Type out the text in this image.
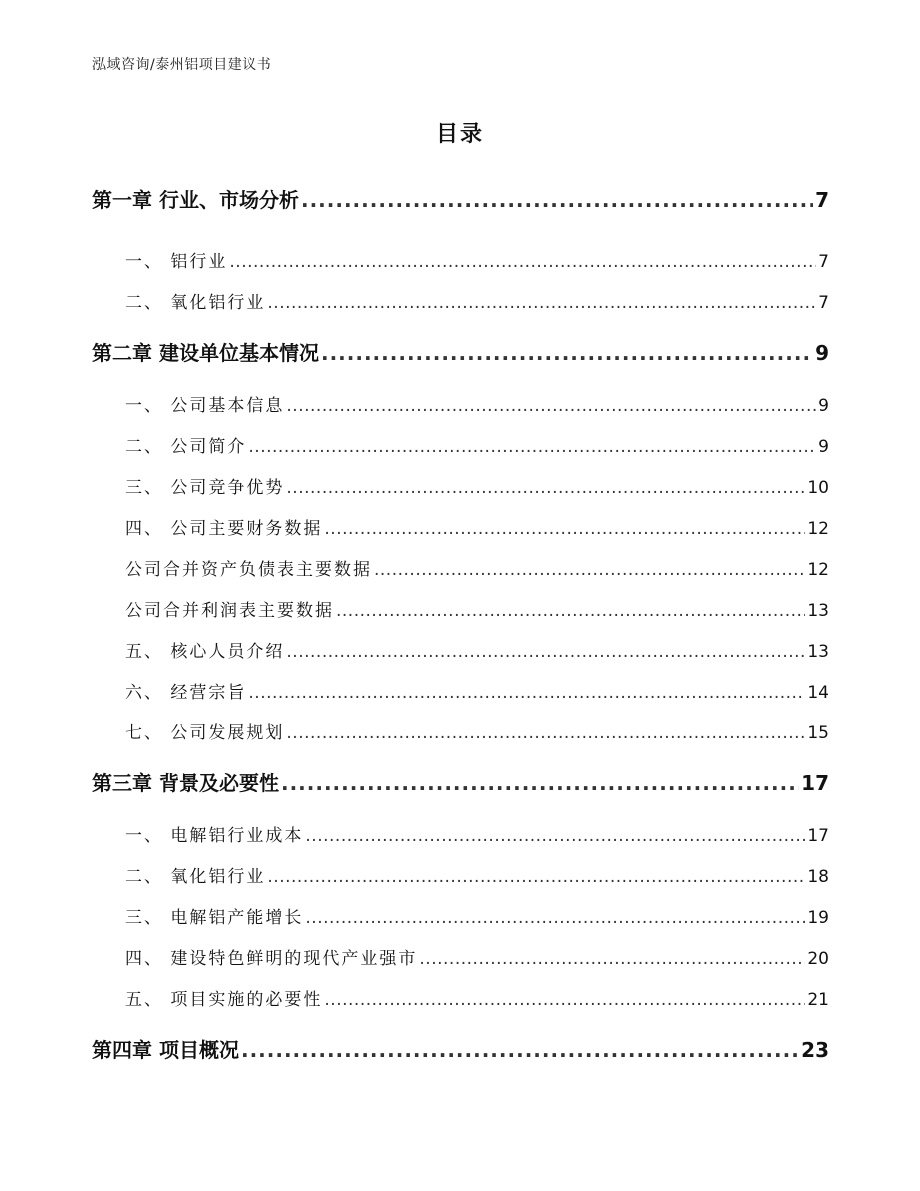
泓域咨询/泰州铝项目建议书
目录
第一章 行业、市场分析 .....	7
一、 铝行业 .....	7
二、 氧化铝行业 .....	7
第二章 建设单位基本情况 .....	9
一、 公司基本信息 .....	9
二、 公司简介 .....	9
三、 公司竞争优势 .....	10
四、 公司主要财务数据 .....	12
公司合并资产负债表主要数据 .....	12
公司合并利润表主要数据 .....	13
五、 核心人员介绍 .....	13
六、 经营宗旨 .....	14
七、 公司发展规划 .....	15
第三章 背景及必要性 .....	17
一、 电解铝行业成本 .....	17
二、 氧化铝行业 .....	18
三、 电解铝产能增长 .....	19
四、 建设特色鲜明的现代产业强市 .....	20
五、 项目实施的必要性 .....	21
第四章 项目概况 .....	23
